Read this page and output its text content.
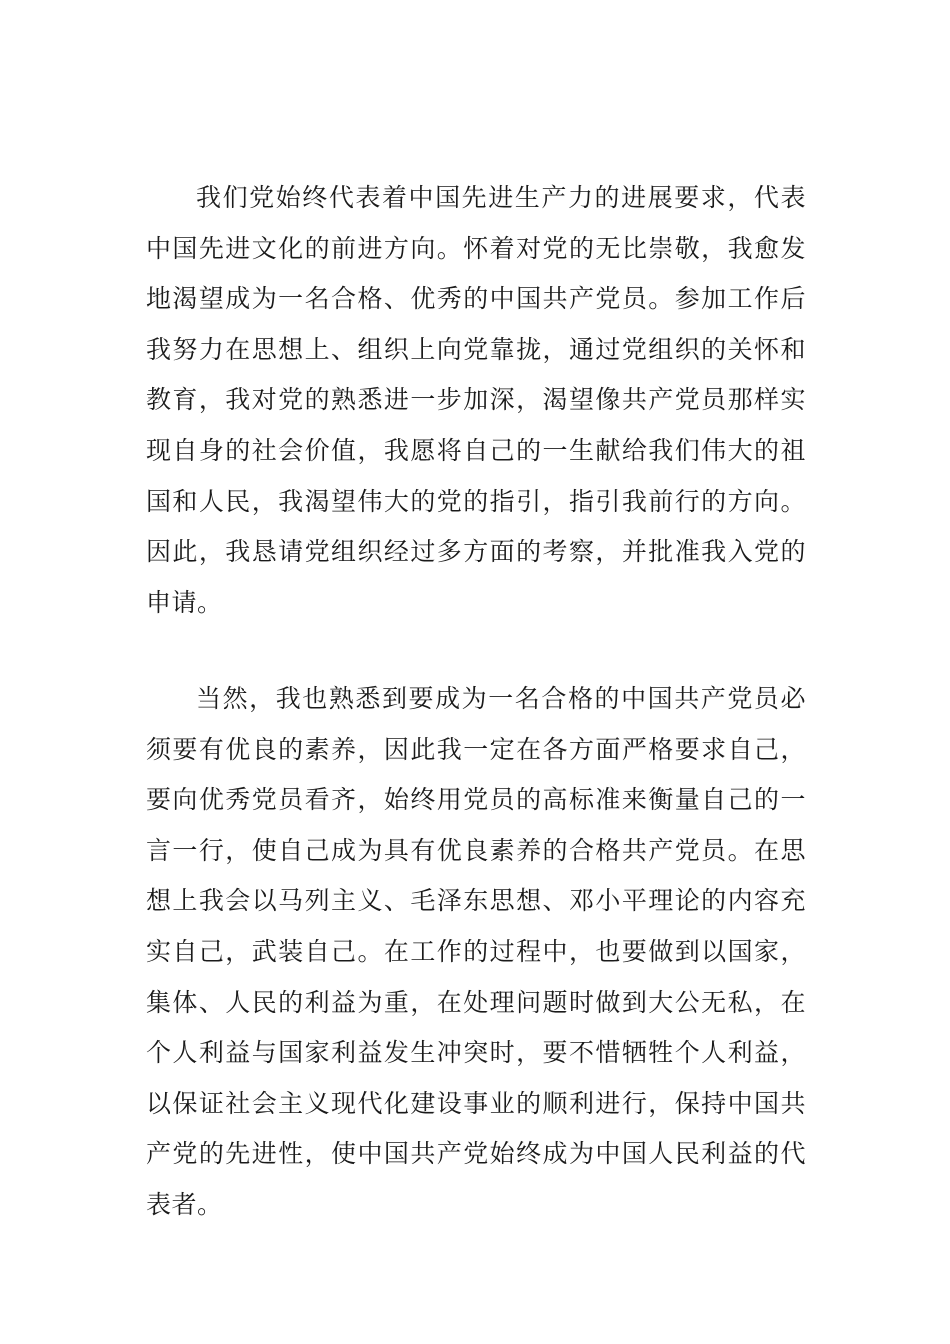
我们党始终代表着中国先进生产力的进展要求，代表中国先进文化的前进方向。怀着对党的无比崇敬，我愈发地渴望成为一名合格、优秀的中国共产党员。参加工作后我努力在思想上、组织上向党靠拢，通过党组织的关怀和教育，我对党的熟悉进一步加深，渴望像共产党员那样实现自身的社会价值，我愿将自己的一生献给我们伟大的祖国和人民，我渴望伟大的党的指引，指引我前行的方向。因此，我恳请党组织经过多方面的考察，并批准我入党的申请。

当然，我也熟悉到要成为一名合格的中国共产党员必须要有优良的素养，因此我一定在各方面严格要求自己，要向优秀党员看齐，始终用党员的高标准来衡量自己的一言一行，使自己成为具有优良素养的合格共产党员。在思想上我会以马列主义、毛泽东思想、邓小平理论的内容充实自己，武装自己。在工作的过程中，也要做到以国家，集体、人民的利益为重，在处理问题时做到大公无私，在个人利益与国家利益发生冲突时，要不惜牺牲个人利益，以保证社会主义现代化建设事业的顺利进行，保持中国共产党的先进性，使中国共产党始终成为中国人民利益的代表者。
